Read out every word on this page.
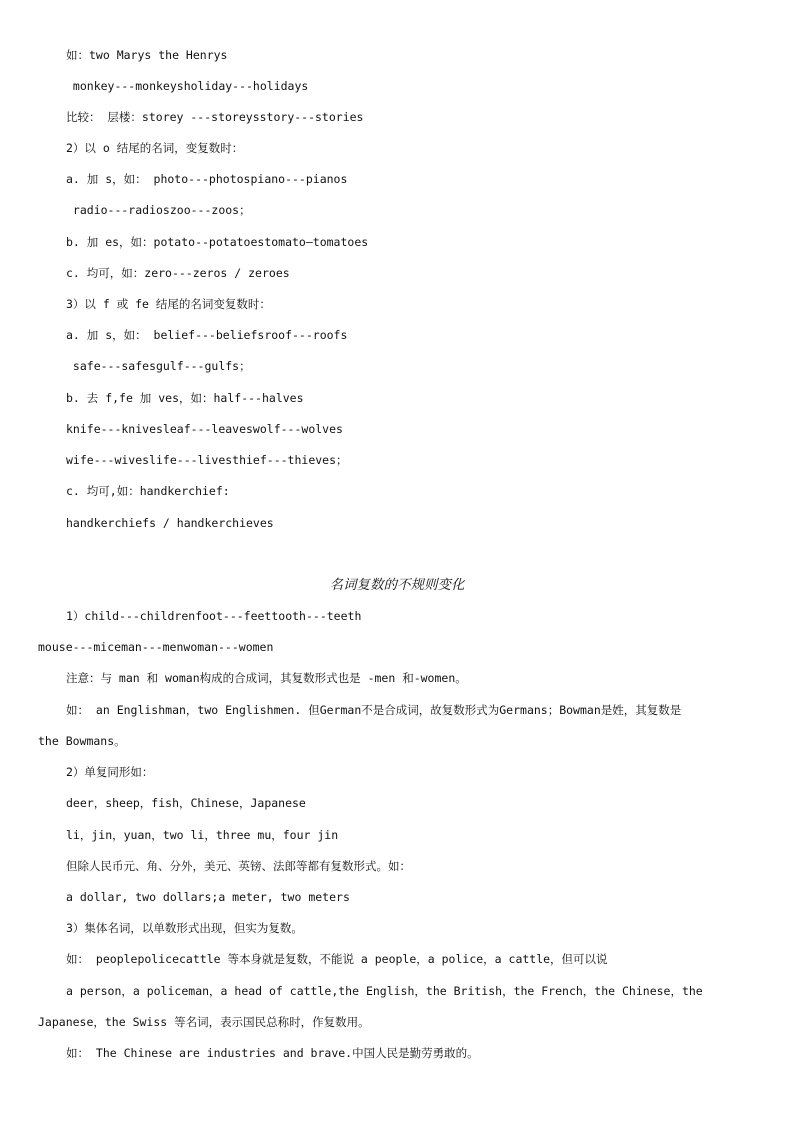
如：two Marys the Henrys
monkey---monkeysholiday---holidays
比较： 层楼：storey ---storeysstory---stories
2）以 o 结尾的名词，变复数时：
a. 加 s，如： photo---photospiano---pianos
radio---radioszoo---zoos；
b. 加 es，如：potato--potatoestomato—tomatoes
c. 均可，如：zero---zeros / zeroes
3）以 f 或 fe 结尾的名词变复数时：
a. 加 s，如： belief---beliefsroof---roofs
safe---safesgulf---gulfs；
b. 去 f,fe 加 ves，如：half---halves
knife---knivesleaf---leaveswolf---wolves
wife---wiveslife---livesthief---thieves；
c. 均可,如：handkerchief:
handkerchiefs / handkerchieves
名词复数的不规则变化
1）child---childrenfoot---feettooth---teeth
mouse---miceman---menwoman---women
注意：与 man 和 woman构成的合成词，其复数形式也是 -men 和-women。
如： an Englishman，two Englishmen. 但German不是合成词，故复数形式为Germans；Bowman是姓，其复数是
the Bowmans。
2）单复同形如：
deer，sheep，fish，Chinese，Japanese
li，jin，yuan，two li，three mu，four jin
但除人民币元、角、分外，美元、英镑、法郎等都有复数形式。如：
a dollar, two dollars;a meter, two meters
3）集体名词，以单数形式出现，但实为复数。
如： peoplepolicecattle 等本身就是复数，不能说 a people，a police，a cattle，但可以说
a person，a policeman，a head of cattle,the English，the British，the French，the Chinese，the
Japanese，the Swiss 等名词，表示国民总称时，作复数用。
如： The Chinese are industries and brave.中国人民是勤劳勇敢的。
